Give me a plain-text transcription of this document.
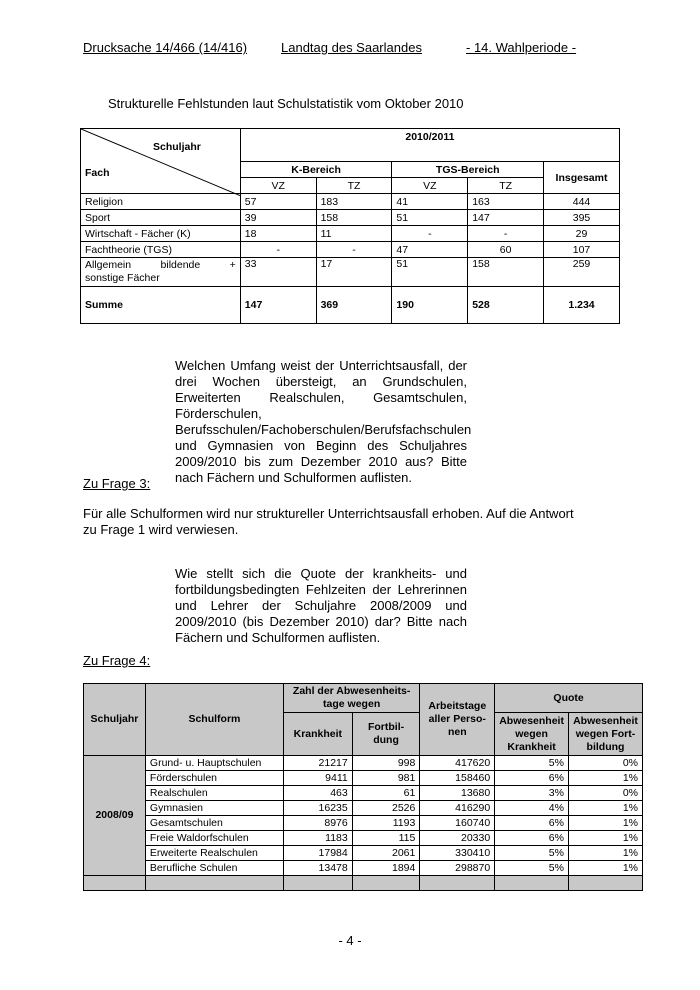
Drucksache 14/466 (14/416)	Landtag des Saarlandes	- 14. Wahlperiode -
Strukturelle Fehlstunden laut Schulstatistik vom Oktober 2010
Schuljahr
Fach	2010/2011				
	K-Bereich		TGS-Bereich		Insgesamt
	VZ	TZ	VZ	TZ	
Religion	57	183	41	163	444
Sport	39	158	51	147	395
Wirtschaft - Fächer (K)	18	11	-	-	29
Fachtheorie (TGS)	-	-	47	60	107

Allgemein bildende +
sonstige Fächer	33	17	51	158	259
Summe	147	369	190	528	1.234
Welchen Umfang weist der Unterrichtsausfall, der drei Wochen übersteigt, an Grundschulen, Erweiterten Realschulen, Gesamtschulen, Förderschulen, Berufsschulen/Fachoberschulen/Berufsfachschulen und Gymnasien von Beginn des Schuljahres 2009/2010 bis zum Dezember 2010 aus? Bitte nach Fächern und Schulformen auflisten.
Zu Frage 3:
Für alle Schulformen wird nur struktureller Unterrichtsausfall erhoben. Auf die Antwort zu Frage 1 wird verwiesen.
Wie stellt sich die Quote der krankheits- und fortbildungsbedingten Fehlzeiten der Lehrerinnen und Lehrer der Schuljahre 2008/2009 und 2009/2010 (bis Dezember 2010) dar? Bitte nach Fächern und Schulformen auflisten.
Zu Frage 4:
Schuljahr	Schulform	Zahl der Abwesenheits-tage wegen		Arbeitstage aller Perso-nen	Quote	
		Krankheit	Fortbil-dung		Abwesenheit wegen Krankheit	Abwesenheit wegen Fort-bildung
2008/09	Grund- u. Hauptschulen	21217	998	417620	5%	0%
	Förderschulen	9411	981	158460	6%	1%
	Realschulen	463	61	13680	3%	0%
	Gymnasien	16235	2526	416290	4%	1%
	Gesamtschulen	8976	1193	160740	6%	1%
	Freie Waldorfschulen	1183	115	20330	6%	1%
	Erweiterte Realschulen	17984	2061	330410	5%	1%
	Berufliche Schulen	13478	1894	298870	5%	1%

- 4 -
